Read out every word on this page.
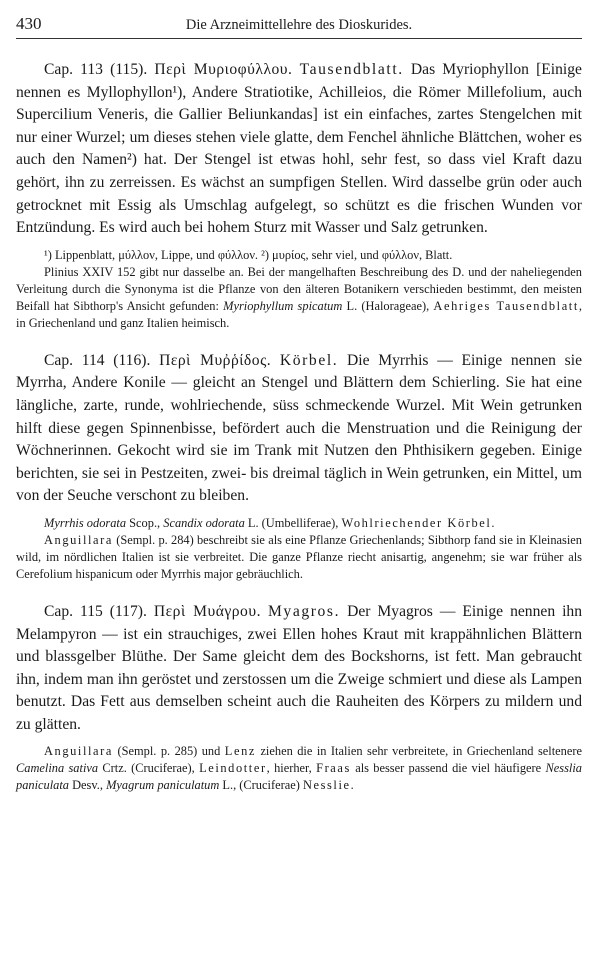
430	Die Arzneimittellehre des Dioskurides.

Cap. 113 (115). Περὶ Μυριοφύλλου. Tausendblatt. Das Myriophyllon [Einige nennen es Myllophyllon¹), Andere Stratiotike, Achilleios, die Römer Millefolium, auch Supercilium Veneris, die Gallier Beliunkandas] ist ein einfaches, zartes Stengelchen mit nur einer Wurzel; um dieses stehen viele glatte, dem Fenchel ähnliche Blättchen, woher es auch den Namen²) hat. Der Stengel ist etwas hohl, sehr fest, so dass viel Kraft dazu gehört, ihn zu zerreissen. Es wächst an sumpfigen Stellen. Wird dasselbe grün oder auch getrocknet mit Essig als Umschlag aufgelegt, so schützt es die frischen Wunden vor Entzündung. Es wird auch bei hohem Sturz mit Wasser und Salz getrunken.

¹) Lippenblatt, μύλλον, Lippe, und φύλλον. ²) μυρίος, sehr viel, und φύλλον, Blatt.

Plinius XXIV 152 gibt nur dasselbe an. Bei der mangelhaften Beschreibung des D. und der naheliegenden Verleitung durch die Synonyma ist die Pflanze von den älteren Botanikern verschieden bestimmt, den meisten Beifall hat Sibthorp's Ansicht gefunden: Myriophyllum spicatum L. (Halorageae), Aehriges Tausendblatt, in Griechenland und ganz Italien heimisch.

Cap. 114 (116). Περὶ Μυῤῥίδος. Körbel. Die Myrrhis — Einige nennen sie Myrrha, Andere Konile — gleicht an Stengel und Blättern dem Schierling. Sie hat eine längliche, zarte, runde, wohlriechende, süss schmeckende Wurzel. Mit Wein getrunken hilft diese gegen Spinnenbisse, befördert auch die Menstruation und die Reinigung der Wöchnerinnen. Gekocht wird sie im Trank mit Nutzen den Phthisikern gegeben. Einige berichten, sie sei in Pestzeiten, zwei- bis dreimal täglich in Wein getrunken, ein Mittel, um von der Seuche verschont zu bleiben.

Myrrhis odorata Scop., Scandix odorata L. (Umbelliferae), Wohlriechender Körbel.

Anguillara (Sempl. p. 284) beschreibt sie als eine Pflanze Griechenlands; Sibthorp fand sie in Kleinasien wild, im nördlichen Italien ist sie verbreitet. Die ganze Pflanze riecht anisartig, angenehm; sie war früher als Cerefolium hispanicum oder Myrrhis major gebräuchlich.

Cap. 115 (117). Περὶ Μυάγρου. Myagros. Der Myagros — Einige nennen ihn Melampyron — ist ein strauchiges, zwei Ellen hohes Kraut mit krappähnlichen Blättern und blassgelber Blüthe. Der Same gleicht dem des Bockshorns, ist fett. Man gebraucht ihn, indem man ihn geröstet und zerstossen um die Zweige schmiert und diese als Lampen benutzt. Das Fett aus demselben scheint auch die Rauheiten des Körpers zu mildern und zu glätten.

Anguillara (Sempl. p. 285) und Lenz ziehen die in Italien sehr verbreitete, in Griechenland seltenere Camelina sativa Crtz. (Cruciferae), Leindotter, hierher, Fraas als besser passend die viel häufigere Nesslia paniculata Desv., Myagrum paniculatum L., (Cruciferae) Nesslie.
